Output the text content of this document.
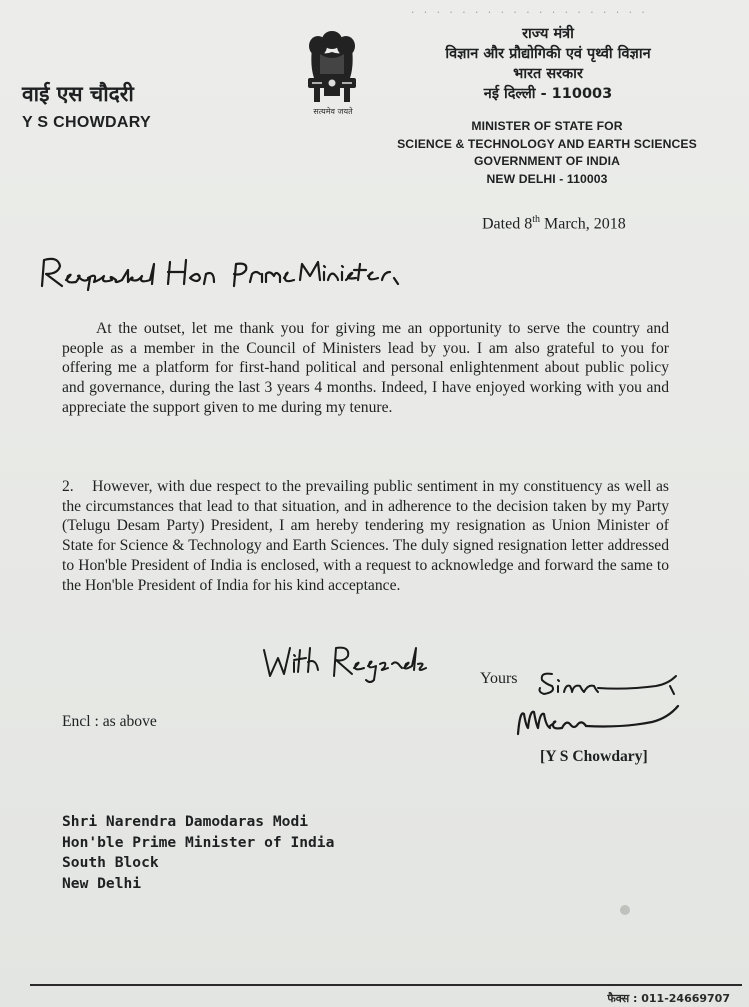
· · · · · · · · · · · · · · · · · · ·
वाई एस चौदरी
Y S CHOWDARY
सत्यमेव जयते
राज्य मंत्री
विज्ञान और प्रौद्योगिकी एवं पृथ्वी विज्ञान
भारत सरकार
नई दिल्ली - 110003
MINISTER OF STATE FOR
SCIENCE & TECHNOLOGY AND EARTH SCIENCES
GOVERNMENT OF INDIA
NEW DELHI - 110003
Dated 8th March, 2018
At the outset, let me thank you for giving me an opportunity to serve the country and people as a member in the Council of Ministers lead by you. I am also grateful to you for offering me a platform for first-hand political and personal enlightenment about public policy and governance, during the last 3 years 4 months. Indeed, I have enjoyed working with you and appreciate the support given to me during my tenure.
2.    However, with due respect to the prevailing public sentiment in my constituency as well as the circumstances that lead to that situation, and in adherence to the decision taken by my Party (Telugu Desam Party) President, I am hereby tendering my resignation as Union Minister of State for Science & Technology and Earth Sciences. The duly signed resignation letter addressed to Hon'ble President of India is enclosed, with a request to acknowledge and forward the same to the Hon'ble President of India for his kind acceptance.
Yours
Encl : as above
[Y S Chowdary]
Shri Narendra Damodaras Modi
Hon'ble Prime Minister of India
South Block
New Delhi
फैक्स : 011-24669707
